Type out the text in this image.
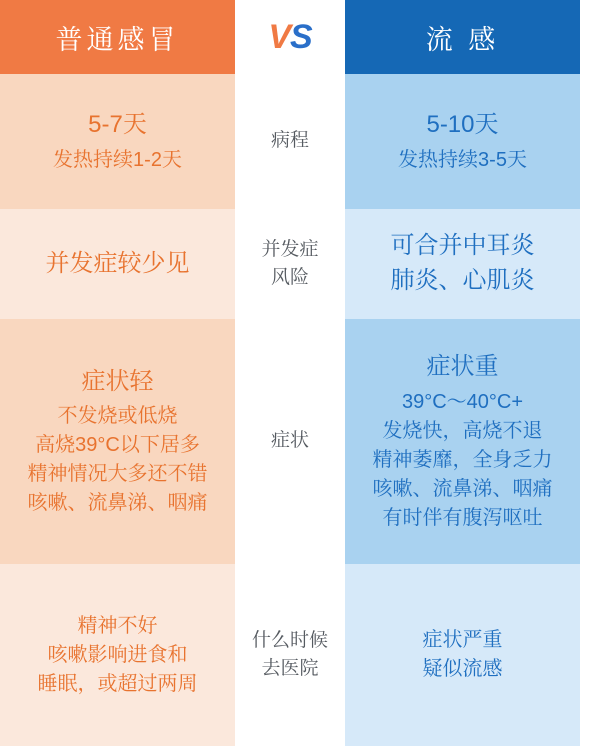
普通感冒
5-7天
发热持续1-2天
并发症较少见
症状轻
不发烧或低烧
高烧39°C以下居多
精神情况大多还不错
咳嗽、流鼻涕、咽痛
精神不好
咳嗽影响进食和
睡眠，或超过两周
V S
病程
并发症
风险
症状
什么时候
去医院
流 感
5-10天
发热持续3-5天
可合并中耳炎
肺炎、心肌炎
症状重
39°C～40°C+
发烧快，高烧不退
精神萎靡，全身乏力
咳嗽、流鼻涕、咽痛
有时伴有腹泻呕吐
症状严重
疑似流感
